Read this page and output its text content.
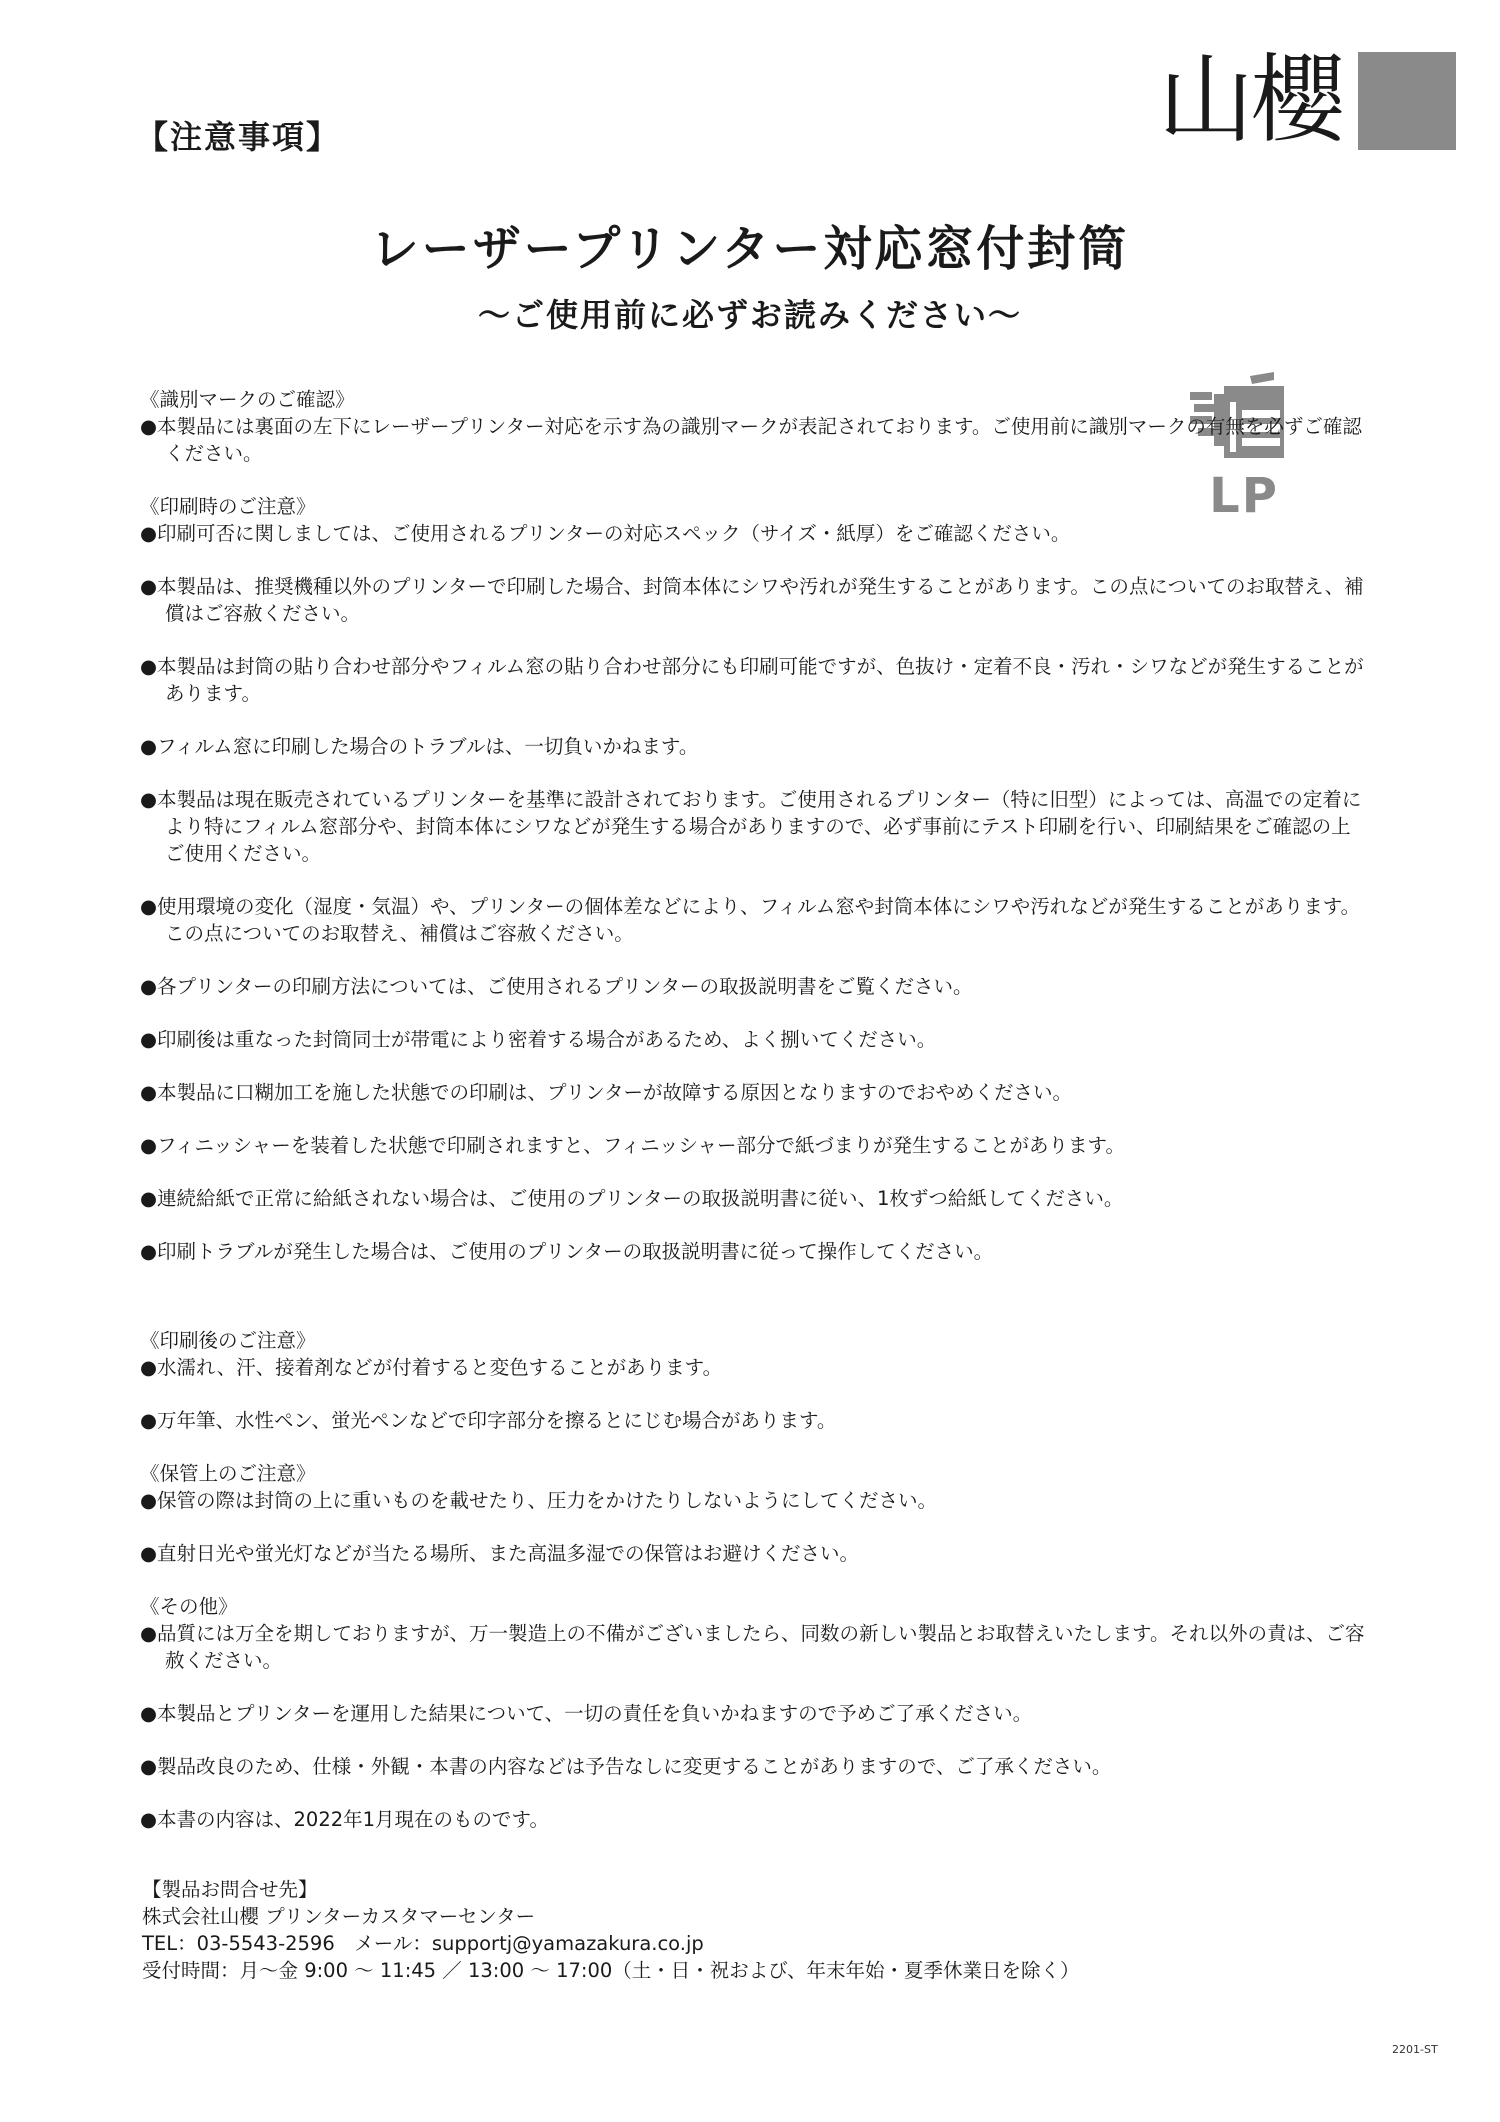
【注意事項】	山櫻
レーザープリンター対応窓付封筒

〜ご使用前に必ずお読みください〜

LP
《識別マークのご確認》

●本製品には裏面の左下にレーザープリンター対応を示す為の識別マークが表記されております。ご使用前に識別マークの有無を必ずご確認ください。

《印刷時のご注意》

●印刷可否に関しましては、ご使用されるプリンターの対応スペック（サイズ・紙厚）をご確認ください。

●本製品は、推奨機種以外のプリンターで印刷した場合、封筒本体にシワや汚れが発生することがあります。この点についてのお取替え、補償はご容赦ください。

●本製品は封筒の貼り合わせ部分やフィルム窓の貼り合わせ部分にも印刷可能ですが、色抜け・定着不良・汚れ・シワなどが発生することがあります。

●フィルム窓に印刷した場合のトラブルは、一切負いかねます。

●本製品は現在販売されているプリンターを基準に設計されております。ご使用されるプリンター（特に旧型）によっては、高温での定着により特にフィルム窓部分や、封筒本体にシワなどが発生する場合がありますので、必ず事前にテスト印刷を行い、印刷結果をご確認の上ご使用ください。

●使用環境の変化（湿度・気温）や、プリンターの個体差などにより、フィルム窓や封筒本体にシワや汚れなどが発生することがあります。この点についてのお取替え、補償はご容赦ください。

●各プリンターの印刷方法については、ご使用されるプリンターの取扱説明書をご覧ください。

●印刷後は重なった封筒同士が帯電により密着する場合があるため、よく捌いてください。

●本製品に口糊加工を施した状態での印刷は、プリンターが故障する原因となりますのでおやめください。

●フィニッシャーを装着した状態で印刷されますと、フィニッシャー部分で紙づまりが発生することがあります。

●連続給紙で正常に給紙されない場合は、ご使用のプリンターの取扱説明書に従い、1枚ずつ給紙してください。

●印刷トラブルが発生した場合は、ご使用のプリンターの取扱説明書に従って操作してください。

《印刷後のご注意》

●水濡れ、汗、接着剤などが付着すると変色することがあります。

●万年筆、水性ペン、蛍光ペンなどで印字部分を擦るとにじむ場合があります。

《保管上のご注意》

●保管の際は封筒の上に重いものを載せたり、圧力をかけたりしないようにしてください。

●直射日光や蛍光灯などが当たる場所、また高温多湿での保管はお避けください。

《その他》

●品質には万全を期しておりますが、万一製造上の不備がございましたら、同数の新しい製品とお取替えいたします。それ以外の責は、ご容赦ください。

●本製品とプリンターを運用した結果について、一切の責任を負いかねますので予めご了承ください。

●製品改良のため、仕様・外観・本書の内容などは予告なしに変更することがありますので、ご了承ください。

●本書の内容は、2022年1月現在のものです。

【製品お問合せ先】

株式会社山櫻 プリンターカスタマーセンター

TEL：03-5543-2596　メール：supportj@yamazakura.co.jp

受付時間：月〜金 9:00 〜 11:45 ／ 13:00 〜 17:00（土・日・祝および、年末年始・夏季休業日を除く）

2201-ST
